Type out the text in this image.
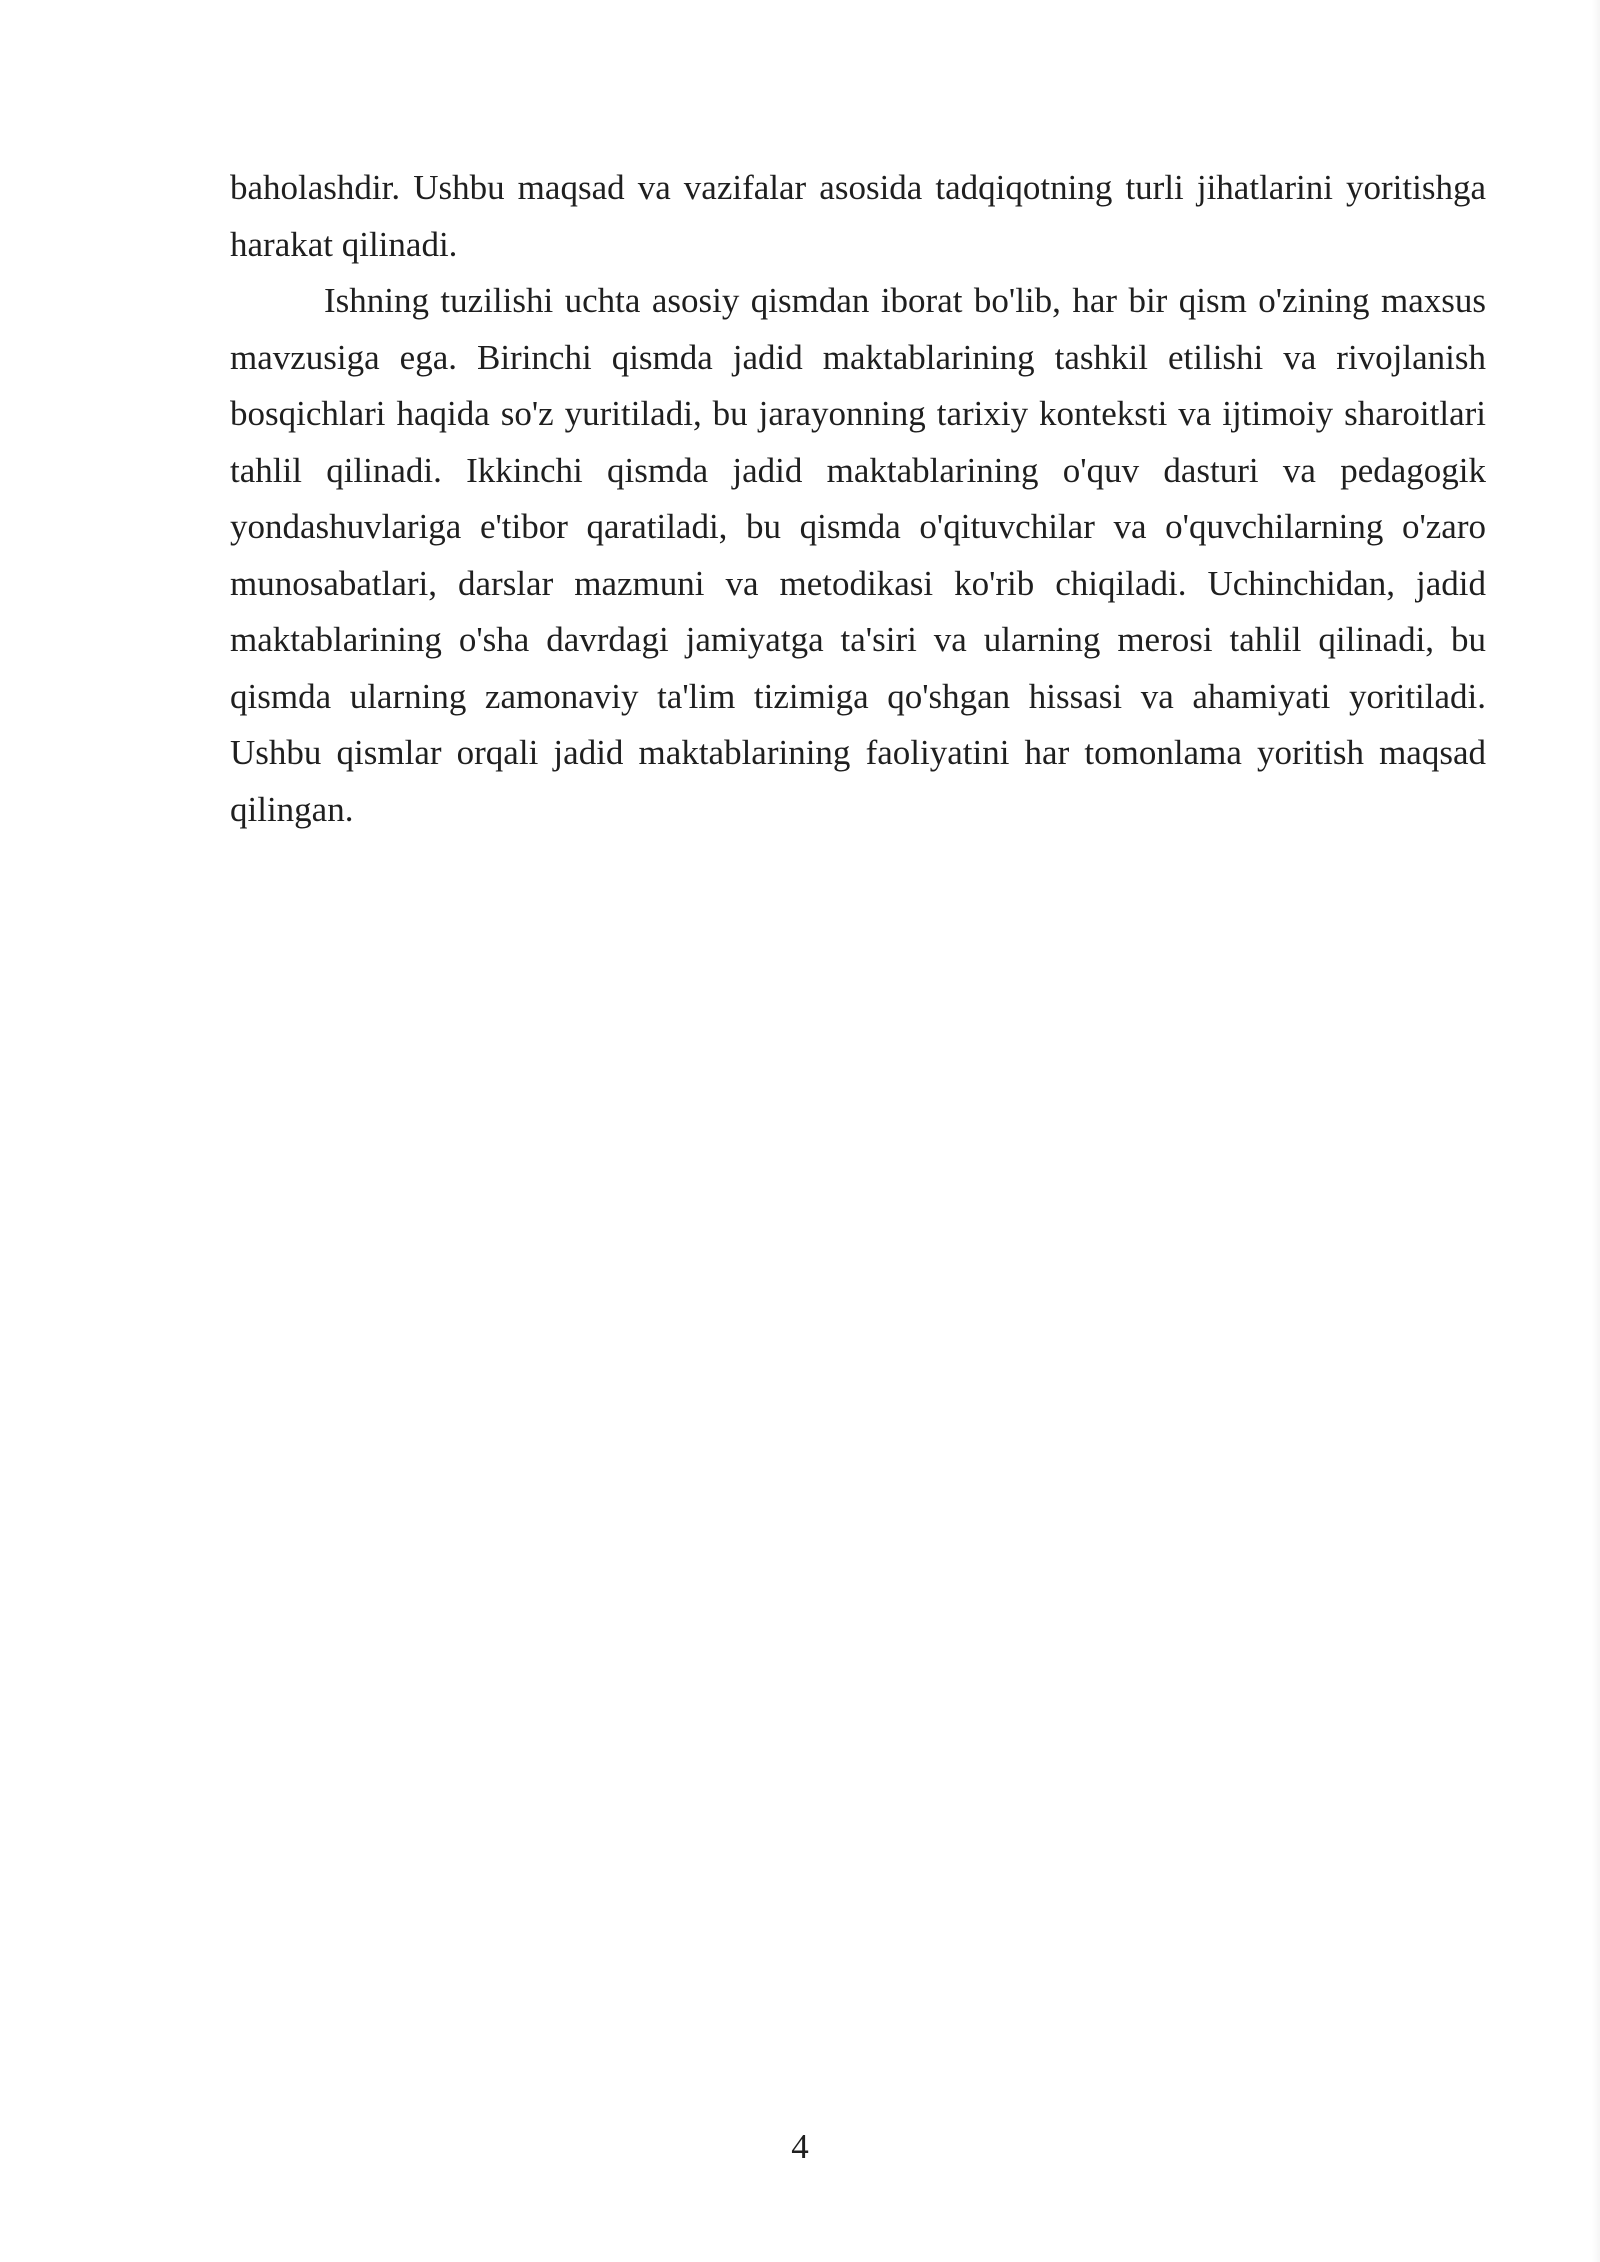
baholashdir. Ushbu maqsad va vazifalar asosida tadqiqotning turli jihatlarini yoritishga harakat qilinadi.

Ishning tuzilishi uchta asosiy qismdan iborat bo'lib, har bir qism o'zining maxsus mavzusiga ega. Birinchi qismda jadid maktablarining tashkil etilishi va rivojlanish bosqichlari haqida so'z yuritiladi, bu jarayonning tarixiy konteksti va ijtimoiy sharoitlari tahlil qilinadi. Ikkinchi qismda jadid maktablarining o'quv dasturi va pedagogik yondashuvlariga e'tibor qaratiladi, bu qismda o'qituvchilar va o'quvchilarning o'zaro munosabatlari, darslar mazmuni va metodikasi ko'rib chiqiladi. Uchinchidan, jadid maktablarining o'sha davrdagi jamiyatga ta'siri va ularning merosi tahlil qilinadi, bu qismda ularning zamonaviy ta'lim tizimiga qo'shgan hissasi va ahamiyati yoritiladi. Ushbu qismlar orqali jadid maktablarining faoliyatini har tomonlama yoritish maqsad qilingan.

4
